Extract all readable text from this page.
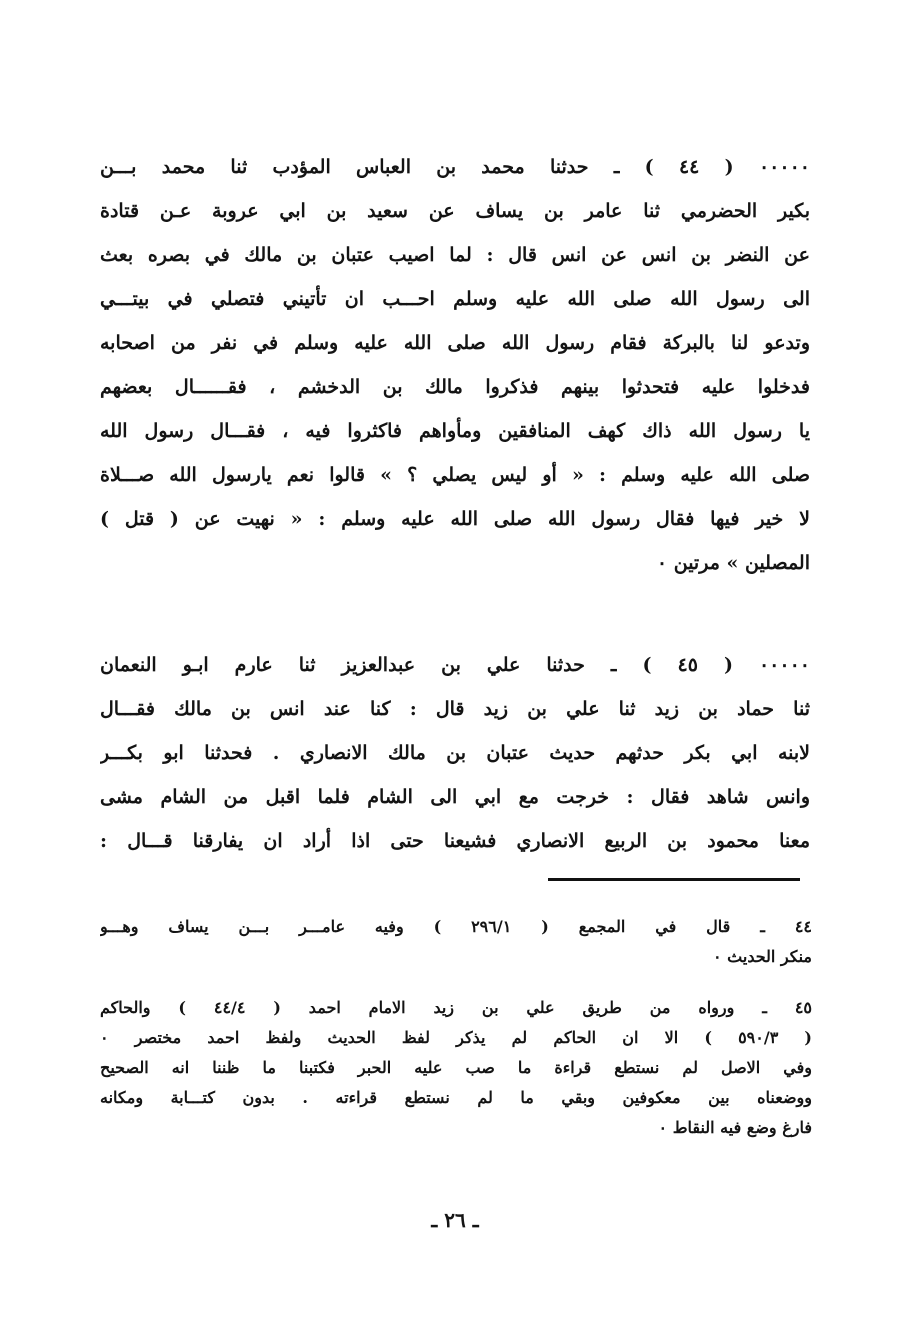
٠٠٠٠٠ ( ٤٤ ) ـ حدثنا محمد بن العباس المؤدب ثنا محمد بـــن
بكير الحضرمي ثنا عامر بن يساف عن سعيد بن ابي عروبة عـن قتادة
عن النضر بن انس عن انس قال : لما اصيب عتبان بن مالك في بصره بعث
الى رسول الله صلى الله عليه وسلم احـــب ان تأتيني فتصلي في بيتـــي
وتدعو لنا بالبركة فقام رسول الله صلى الله عليه وسلم في نفر من اصحابه
فدخلوا عليه فتحدثوا بينهم فذكروا مالك بن الدخشم ، فقــــــال بعضهم
يا رسول الله ذاك كهف المنافقين ومأواهم فاكثروا فيه ، فقـــال رسول الله
صلى الله عليه وسلم : « أو ليس يصلي ؟ » قالوا نعم يارسول الله صـــلاة
لا خير فيها فقال رسول الله صلى الله عليه وسلم : « نهيت عن ( قتل )
المصلين » مرتين ٠
٠٠٠٠٠ ( ٤٥ ) ـ حدثنا علي بن عبدالعزيز ثنا عارم ابـو النعمان
ثنا حماد بن زيد ثنا علي بن زيد قال : كنا عند انس بن مالك فقـــال
لابنه ابي بكر حدثهم حديث عتبان بن مالك الانصاري . فحدثنا ابو بكـــر
وانس شاهد فقال : خرجت مع ابي الى الشام فلما اقبل من الشام مشى
معنا محمود بن الربيع الانصاري فشيعنا حتى اذا أراد ان يفارقنا قـــال :
٤٤ ـ قال في المجمع ( ٢٩٦/١ ) وفيه عامـــر بـــن يساف وهـــو
منكر الحديث ٠
٤٥ ـ ورواه من طريق علي بن زيد الامام احمد ( ٤٤/٤ ) والحاكم
( ٥٩٠/٣ ) الا ان الحاكم لم يذكر لفظ الحديث ولفظ احمد مختصر ٠
وفي الاصل لم نستطع قراءة ما صب عليه الحبر فكتبنا ما ظننا انه الصحيح
ووضعناه بين معكوفين وبقي ما لم نستطع قراءته . بدون كتـــابة ومكانه
فارغ وضع فيه النقاط ٠
ـ ٢٦ ـ
